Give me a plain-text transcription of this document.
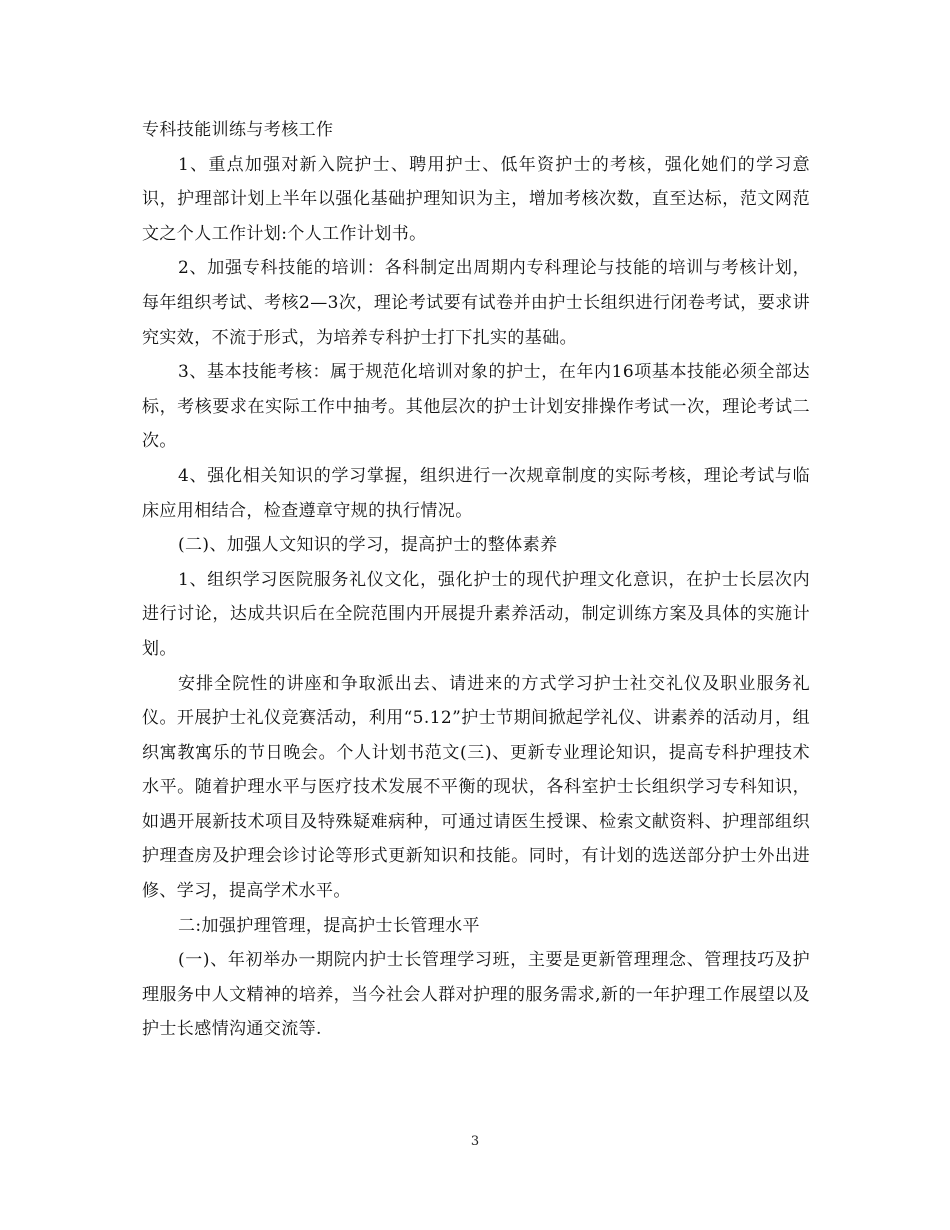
专科技能训练与考核工作

1、重点加强对新入院护士、聘用护士、低年资护士的考核，强化她们的学习意识，护理部计划上半年以强化基础护理知识为主，增加考核次数，直至达标，范文网范文之个人工作计划:个人工作计划书。

2、加强专科技能的培训：各科制定出周期内专科理论与技能的培训与考核计划，每年组织考试、考核2—3次，理论考试要有试卷并由护士长组织进行闭卷考试，要求讲究实效，不流于形式，为培养专科护士打下扎实的基础。

3、基本技能考核：属于规范化培训对象的护士，在年内16项基本技能必须全部达标，考核要求在实际工作中抽考。其他层次的护士计划安排操作考试一次，理论考试二次。

4、强化相关知识的学习掌握，组织进行一次规章制度的实际考核，理论考试与临床应用相结合，检查遵章守规的执行情况。

(二)、加强人文知识的学习，提高护士的整体素养

1、组织学习医院服务礼仪文化，强化护士的现代护理文化意识，在护士长层次内进行讨论，达成共识后在全院范围内开展提升素养活动，制定训练方案及具体的实施计划。

安排全院性的讲座和争取派出去、请进来的方式学习护士社交礼仪及职业服务礼仪。开展护士礼仪竞赛活动，利用“5.12”护士节期间掀起学礼仪、讲素养的活动月，组织寓教寓乐的节日晚会。个人计划书范文(三)、更新专业理论知识，提高专科护理技术水平。随着护理水平与医疗技术发展不平衡的现状，各科室护士长组织学习专科知识，如遇开展新技术项目及特殊疑难病种，可通过请医生授课、检索文献资料、护理部组织护理查房及护理会诊讨论等形式更新知识和技能。同时，有计划的选送部分护士外出进修、学习，提高学术水平。

二:加强护理管理，提高护士长管理水平

(一)、年初举办一期院内护士长管理学习班，主要是更新管理理念、管理技巧及护理服务中人文精神的培养，当今社会人群对护理的服务需求,新的一年护理工作展望以及护士长感情沟通交流等.

3
